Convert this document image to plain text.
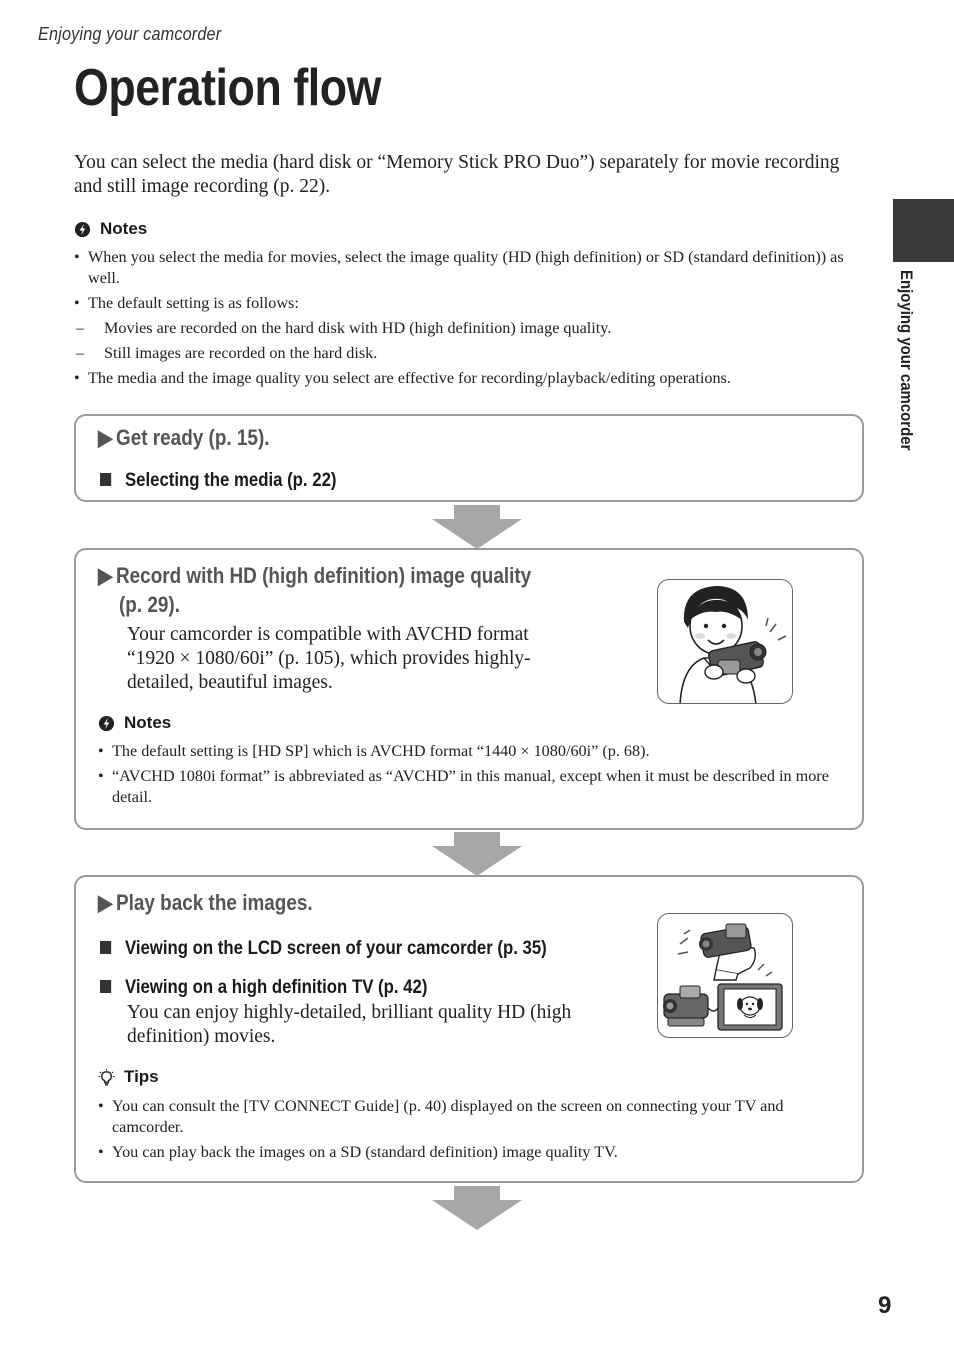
Enjoying your camcorder
Operation flow
You can select the media (hard disk or “Memory Stick PRO Duo”) separately for movie recording and still image recording (p. 22).
Notes
• When you select the media for movies, select the image quality (HD (high definition) or SD (standard definition)) as well.
• The default setting is as follows:
– Movies are recorded on the hard disk with HD (high definition) image quality.
– Still images are recorded on the hard disk.
• The media and the image quality you select are effective for recording/playback/editing operations.
▶ Get ready (p. 15).
Selecting the media (p. 22)
▶ Record with HD (high definition) image quality
(p. 29).
Your camcorder is compatible with AVCHD format “1920 × 1080/60i” (p. 105), which provides highly-detailed, beautiful images.
Notes
• The default setting is [HD SP] which is AVCHD format “1440 × 1080/60i” (p. 68).
• “AVCHD 1080i format” is abbreviated as “AVCHD” in this manual, except when it must be described in more detail.
▶ Play back the images.
Viewing on the LCD screen of your camcorder (p. 35)
Viewing on a high definition TV (p. 42)
You can enjoy highly-detailed, brilliant quality HD (high definition) movies.
Tips
• You can consult the [TV CONNECT Guide] (p. 40) displayed on the screen on connecting your TV and camcorder.
• You can play back the images on a SD (standard definition) image quality TV.
Enjoying your camcorder
9
